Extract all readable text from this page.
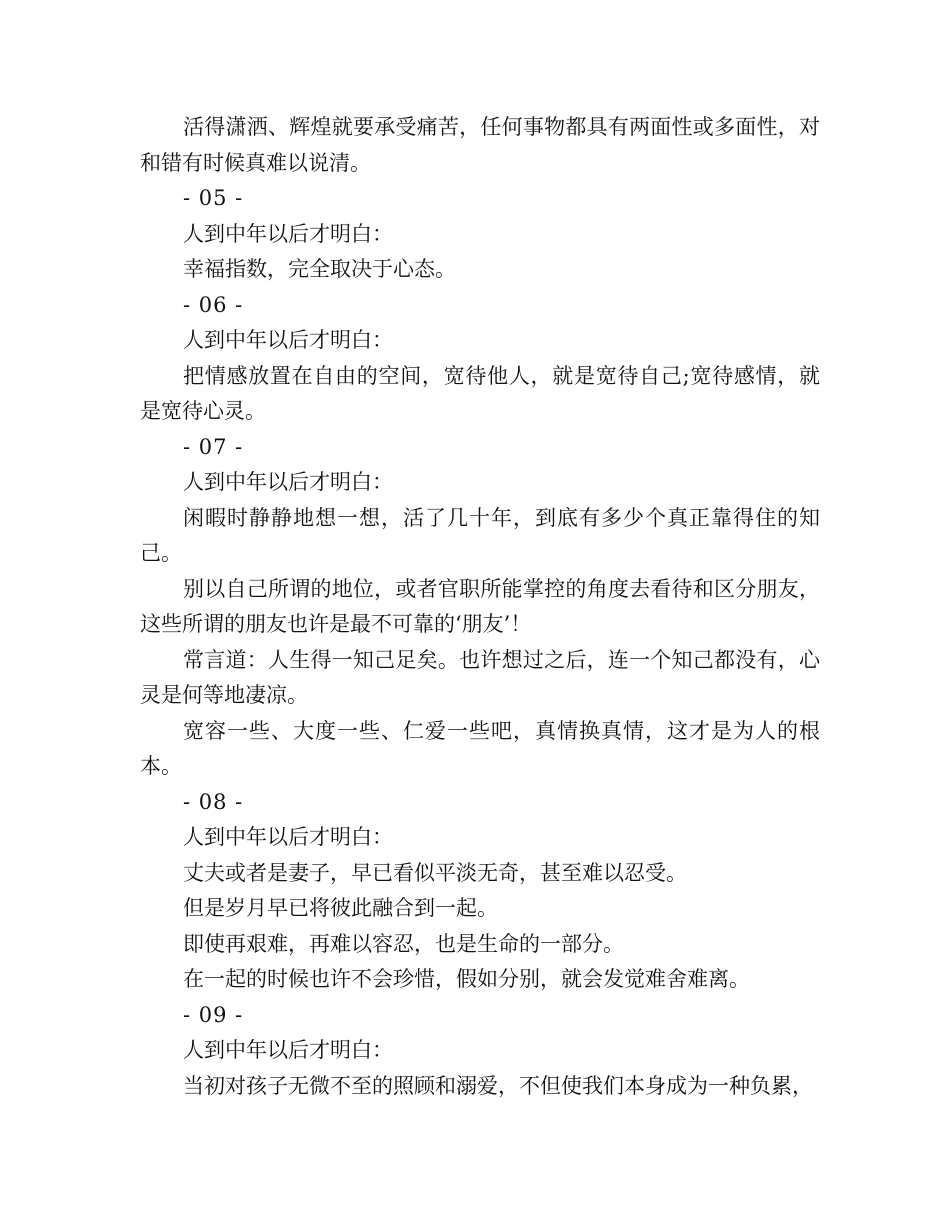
活得潇洒、辉煌就要承受痛苦，任何事物都具有两面性或多面性，对和错有时候真难以说清。

- 05 -

人到中年以后才明白：

幸福指数，完全取决于心态。

- 06 -

人到中年以后才明白：

把情感放置在自由的空间，宽待他人，就是宽待自己;宽待感情，就是宽待心灵。

- 07 -

人到中年以后才明白：

闲暇时静静地想一想，活了几十年，到底有多少个真正靠得住的知己。

别以自己所谓的地位，或者官职所能掌控的角度去看待和区分朋友，这些所谓的朋友也许是最不可靠的‘朋友’！

常言道：人生得一知己足矣。也许想过之后，连一个知己都没有，心灵是何等地凄凉。

宽容一些、大度一些、仁爱一些吧，真情换真情，这才是为人的根本。

- 08 -

人到中年以后才明白：

丈夫或者是妻子，早已看似平淡无奇，甚至难以忍受。

但是岁月早已将彼此融合到一起。

即使再艰难，再难以容忍，也是生命的一部分。

在一起的时候也许不会珍惜，假如分别，就会发觉难舍难离。

- 09 -

人到中年以后才明白：

当初对孩子无微不至的照顾和溺爱，不但使我们本身成为一种负累，
